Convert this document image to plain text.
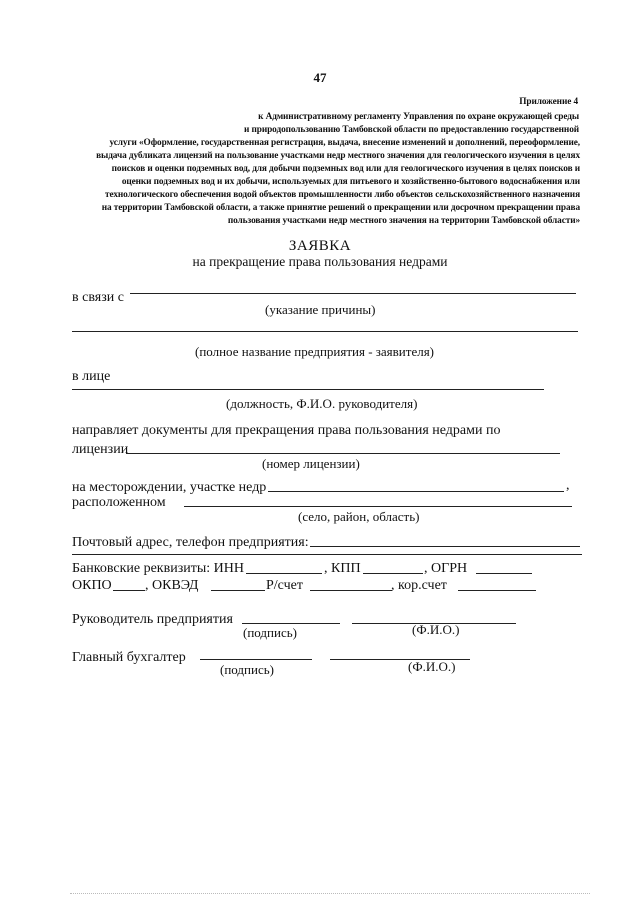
47
Приложение 4
к Административному регламенту Управления по охране окружающей среды
и природопользованию Тамбовской области по предоставлению государственной
услуги «Оформление, государственная регистрация, выдача, внесение изменений и дополнений, переоформление,
выдача дубликата лицензий на пользование участками недр местного значения для геологического изучения в целях
поисков и оценки подземных вод, для добычи подземных вод или для геологического изучения в целях поисков и
оценки подземных вод и их добычи, используемых для питьевого и хозяйственно-бытового водоснабжения или
технологического обеспечения водой объектов промышленности либо объектов сельскохозяйственного назначения
на территории Тамбовской области, а также принятие решений о прекращении или досрочном прекращении права
пользования участками недр местного значения на территории Тамбовской области»
ЗАЯВКА
на прекращение права пользования недрами
в связи с
(указание причины)
(полное название предприятия - заявителя)
в лице
(должность, Ф.И.О. руководителя)
направляет документы для прекращения права пользования недрами по
лицензии
(номер лицензии)
на месторождении, участке недр	,
расположенном
(село, район, область)
Почтовый адрес, телефон предприятия:
Банковские реквизиты: ИНН	, КПП	, ОГРН
ОКПО , ОКВЭД	Р/счет	, кор.счет
Руководитель предприятия
(подпись)	(Ф.И.О.)
Главный бухгалтер
(подпись)	(Ф.И.О.)
